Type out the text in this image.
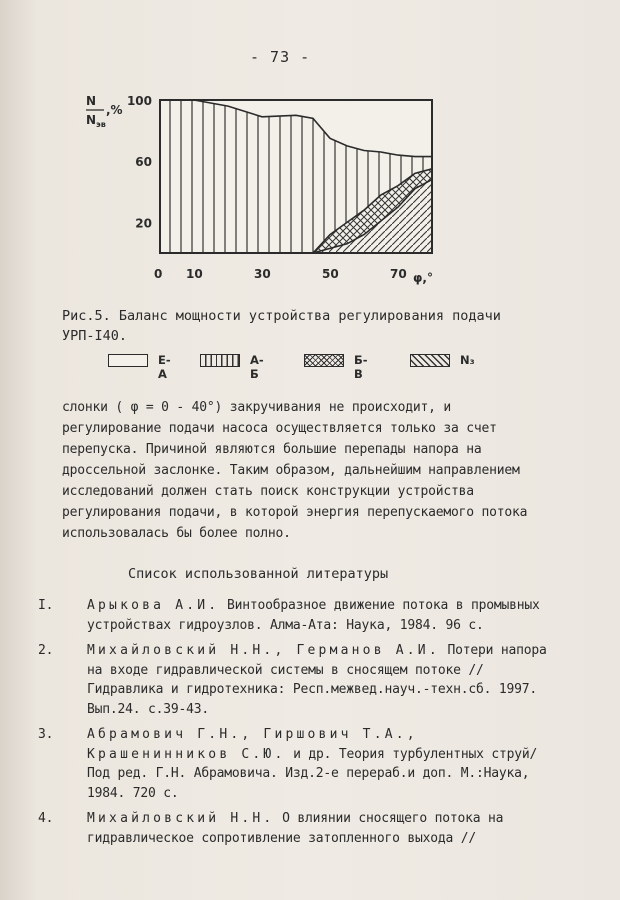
- 73 -
N
$N_{эв}$
,%
φ,°
0 10	30	50	70
100
60
20
Рис.5. Баланс мощности устройства регулирования подачи
УРП-I40.
Е-А
А-Б
Б-В
N₃

слонки ( φ = 0 - 40°) закручивания не происходит, и регулирование подачи насоса осуществляется только за счет перепуска. Причиной являются большие перепады напора на дроссельной заслонке. Таким образом, дальнейшим направлением исследований должен стать поиск конструкции устройства регулирования подачи, в которой энергия перепускаемого потока использовалась бы более полно.

Список использованной литературы
I.	Арыкова А.И. Винтообразное движение потока в промывных устройствах гидроузлов. Алма-Ата: Наука, 1984. 96 с.
2.	Михайловский Н.Н., Германов А.И. Потери напора на входе гидравлической системы в сносящем потоке // Гидравлика и гидротехника: Респ.межвед.науч.-техн.сб. 1997. Вып.24. с.39-43.
3.	Абрамович Г.Н., Гиршович Т.А., Крашенинников С.Ю. и др. Теория турбулентных струй/ Под ред. Г.Н. Абрамовича. Изд.2-е перераб.и доп. М.:Наука, 1984. 720 с.
4.	Михайловский Н.Н. О влиянии сносящего потока на гидравлическое сопротивление затопленного выхода //
